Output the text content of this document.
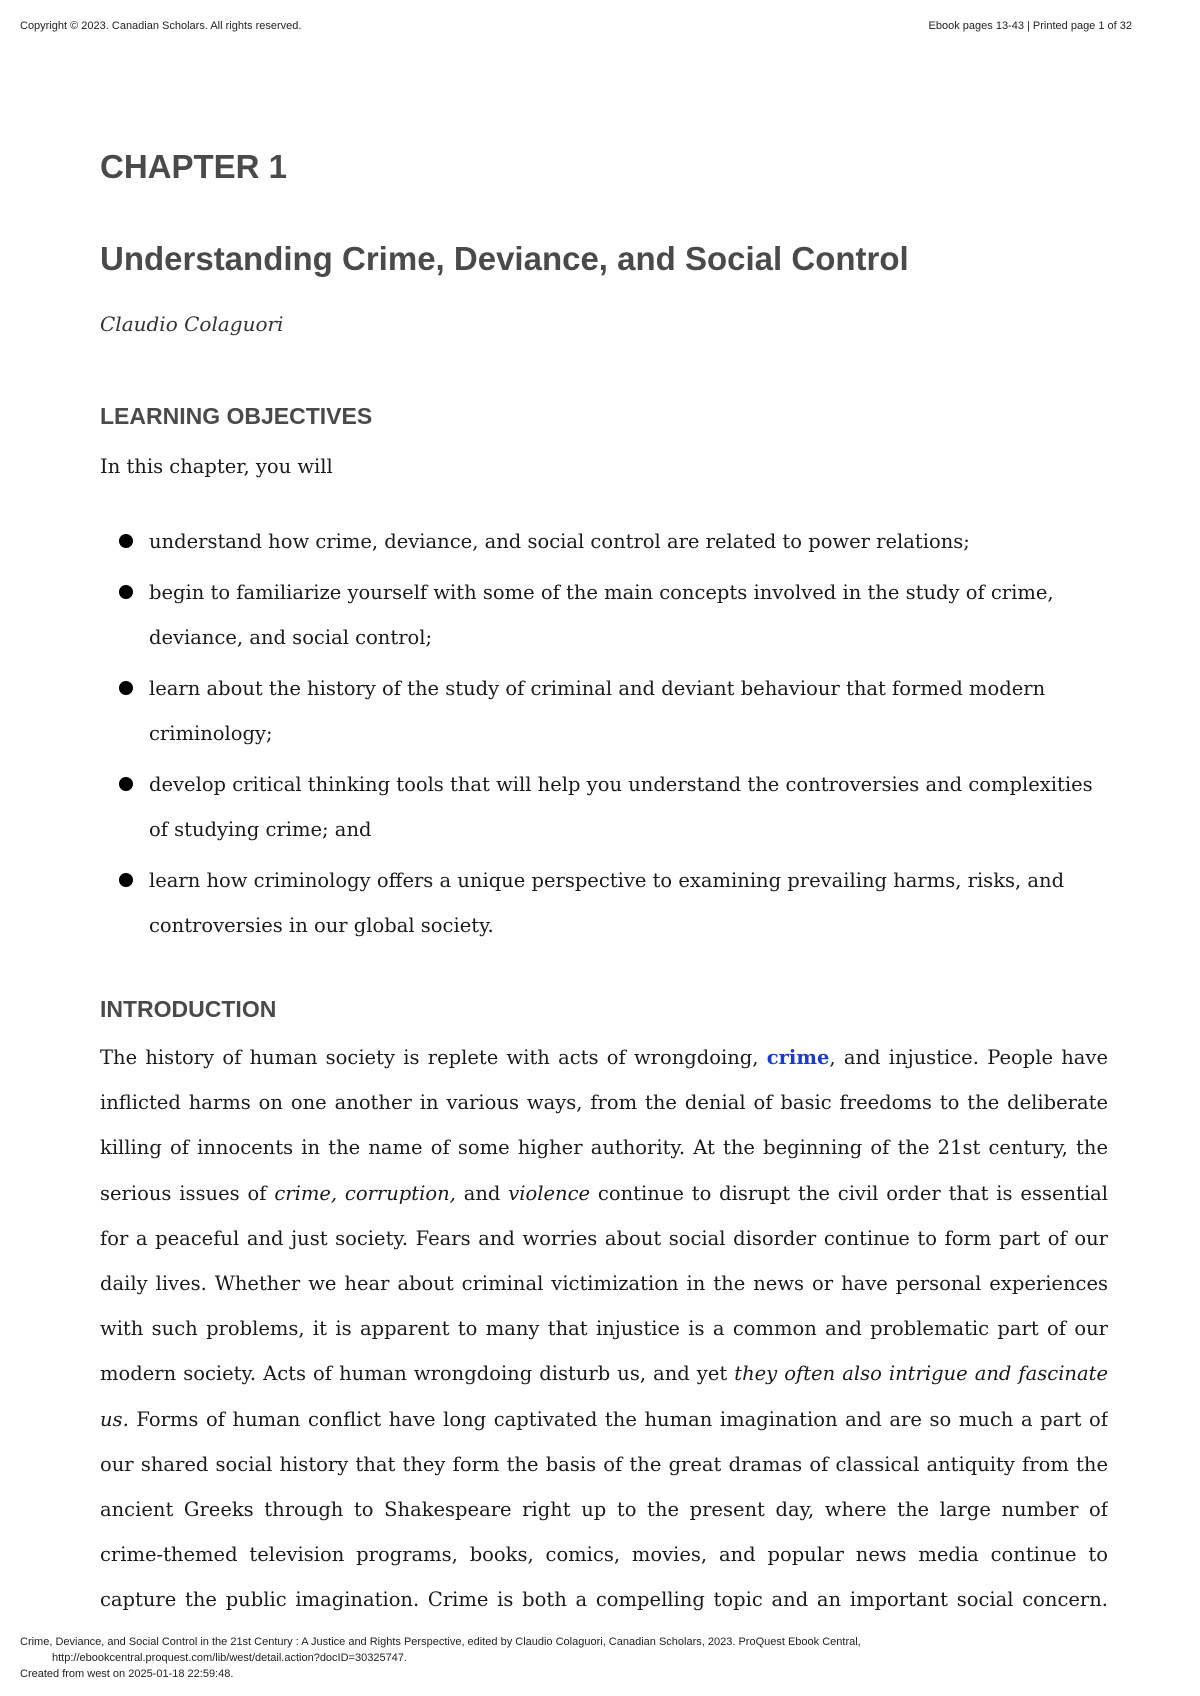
Copyright © 2023. Canadian Scholars. All rights reserved.	Ebook pages 13-43 | Printed page 1 of 32
CHAPTER 1
Understanding Crime, Deviance, and Social Control
Claudio Colaguori
LEARNING OBJECTIVES
In this chapter, you will
understand how crime, deviance, and social control are related to power relations;
begin to familiarize yourself with some of the main concepts involved in the study of crime, deviance, and social control;
learn about the history of the study of criminal and deviant behaviour that formed modern criminology;
develop critical thinking tools that will help you understand the controversies and complexities of studying crime; and
learn how criminology offers a unique perspective to examining prevailing harms, risks, and controversies in our global society.
INTRODUCTION

The history of human society is replete with acts of wrongdoing, crime, and injustice. People have inflicted harms on one another in various ways, from the denial of basic freedoms to the deliberate killing of innocents in the name of some higher authority. At the beginning of the 21st century, the serious issues of crime, corruption, and violence continue to disrupt the civil order that is essential for a peaceful and just society. Fears and worries about social disorder continue to form part of our daily lives. Whether we hear about criminal victimization in the news or have personal experiences with such problems, it is apparent to many that injustice is a common and problematic part of our modern society. Acts of human wrongdoing disturb us, and yet they often also intrigue and fascinate us. Forms of human conflict have long captivated the human imagination and are so much a part of our shared social history that they form the basis of the great dramas of classical antiquity from the ancient Greeks through to Shakespeare right up to the present day, where the large number of crime-themed television programs, books, comics, movies, and popular news media continue to capture the public imagination. Crime is both a compelling topic and an important social concern.

Crime, Deviance, and Social Control in the 21st Century : A Justice and Rights Perspective, edited by Claudio Colaguori, Canadian Scholars, 2023. ProQuest Ebook Central,
http://ebookcentral.proquest.com/lib/west/detail.action?docID=30325747.
Created from west on 2025-01-18 22:59:48.
